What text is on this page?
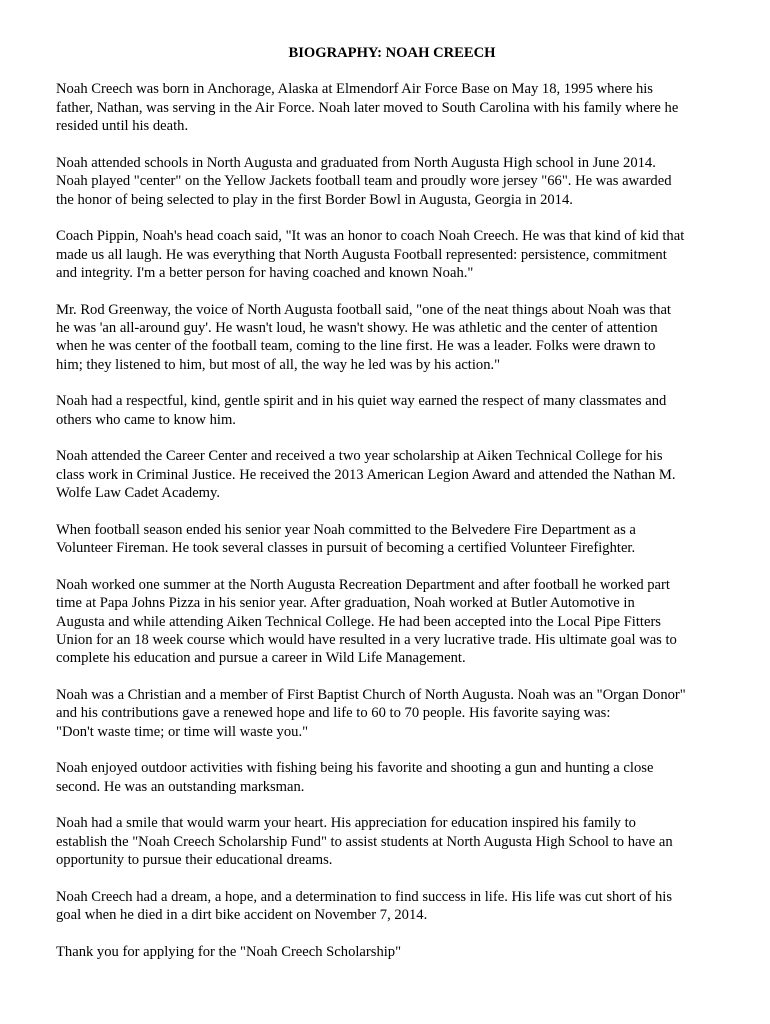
BIOGRAPHY: NOAH CREECH

Noah Creech was born in Anchorage, Alaska at Elmendorf Air Force Base on May 18, 1995 where his
father, Nathan, was serving in the Air Force. Noah later moved to South Carolina with his family where he
resided until his death.

Noah attended schools in North Augusta and graduated from North Augusta High school in June 2014.
Noah played "center" on the Yellow Jackets football team and proudly wore jersey "66". He was awarded
the honor of being selected to play in the first Border Bowl in Augusta, Georgia in 2014.

Coach Pippin, Noah's head coach said, "It was an honor to coach Noah Creech. He was that kind of kid that
made us all laugh. He was everything that North Augusta Football represented: persistence, commitment
and integrity. I'm a better person for having coached and known Noah."

Mr. Rod Greenway, the voice of North Augusta football said, "one of the neat things about Noah was that
he was 'an all-around guy'. He wasn't loud, he wasn't showy. He was athletic and the center of attention
when he was center of the football team, coming to the line first. He was a leader. Folks were drawn to
him; they listened to him, but most of all, the way he led was by his action."

Noah had a respectful, kind, gentle spirit and in his quiet way earned the respect of many classmates and
others who came to know him.

Noah attended the Career Center and received a two year scholarship at Aiken Technical College for his
class work in Criminal Justice. He received the 2013 American Legion Award and attended the Nathan M.
Wolfe Law Cadet Academy.

When football season ended his senior year Noah committed to the Belvedere Fire Department as a
Volunteer Fireman. He took several classes in pursuit of becoming a certified Volunteer Firefighter.

Noah worked one summer at the North Augusta Recreation Department and after football he worked part
time at Papa Johns Pizza in his senior year. After graduation, Noah worked at Butler Automotive in
Augusta and while attending Aiken Technical College. He had been accepted into the Local Pipe Fitters
Union for an 18 week course which would have resulted in a very lucrative trade. His ultimate goal was to
complete his education and pursue a career in Wild Life Management.

Noah was a Christian and a member of First Baptist Church of North Augusta. Noah was an "Organ Donor"
and his contributions gave a renewed hope and life to 60 to 70 people. His favorite saying was:
"Don't waste time; or time will waste you."

Noah enjoyed outdoor activities with fishing being his favorite and shooting a gun and hunting a close
second. He was an outstanding marksman.

Noah had a smile that would warm your heart. His appreciation for education inspired his family to
establish the "Noah Creech Scholarship Fund" to assist students at North Augusta High School to have an
opportunity to pursue their educational dreams.

Noah Creech had a dream, a hope, and a determination to find success in life. His life was cut short of his
goal when he died in a dirt bike accident on November 7, 2014.

Thank you for applying for the "Noah Creech Scholarship"
